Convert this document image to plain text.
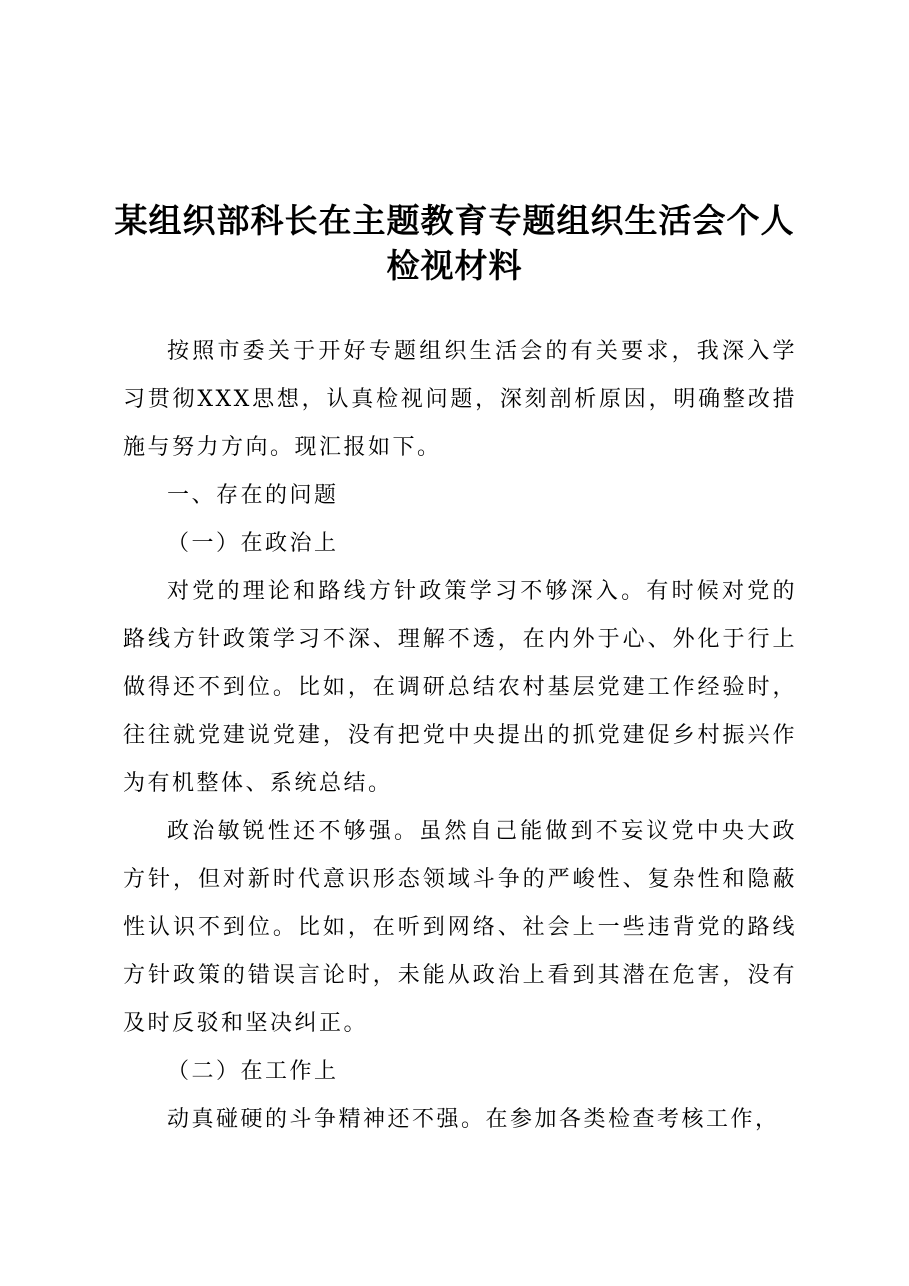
某组织部科长在主题教育专题组织生活会个人
检视材料

按照市委关于开好专题组织生活会的有关要求，我深入学习贯彻XXX思想，认真检视问题，深刻剖析原因，明确整改措施与努力方向。现汇报如下。

一、存在的问题

（一）在政治上

对党的理论和路线方针政策学习不够深入。有时候对党的路线方针政策学习不深、理解不透，在内外于心、外化于行上做得还不到位。比如，在调研总结农村基层党建工作经验时，往往就党建说党建，没有把党中央提出的抓党建促乡村振兴作为有机整体、系统总结。

政治敏锐性还不够强。虽然自己能做到不妄议党中央大政方针，但对新时代意识形态领域斗争的严峻性、复杂性和隐蔽性认识不到位。比如，在听到网络、社会上一些违背党的路线方针政策的错误言论时，未能从政治上看到其潜在危害，没有及时反驳和坚决纠正。

（二）在工作上

动真碰硬的斗争精神还不强。在参加各类检查考核工作，
